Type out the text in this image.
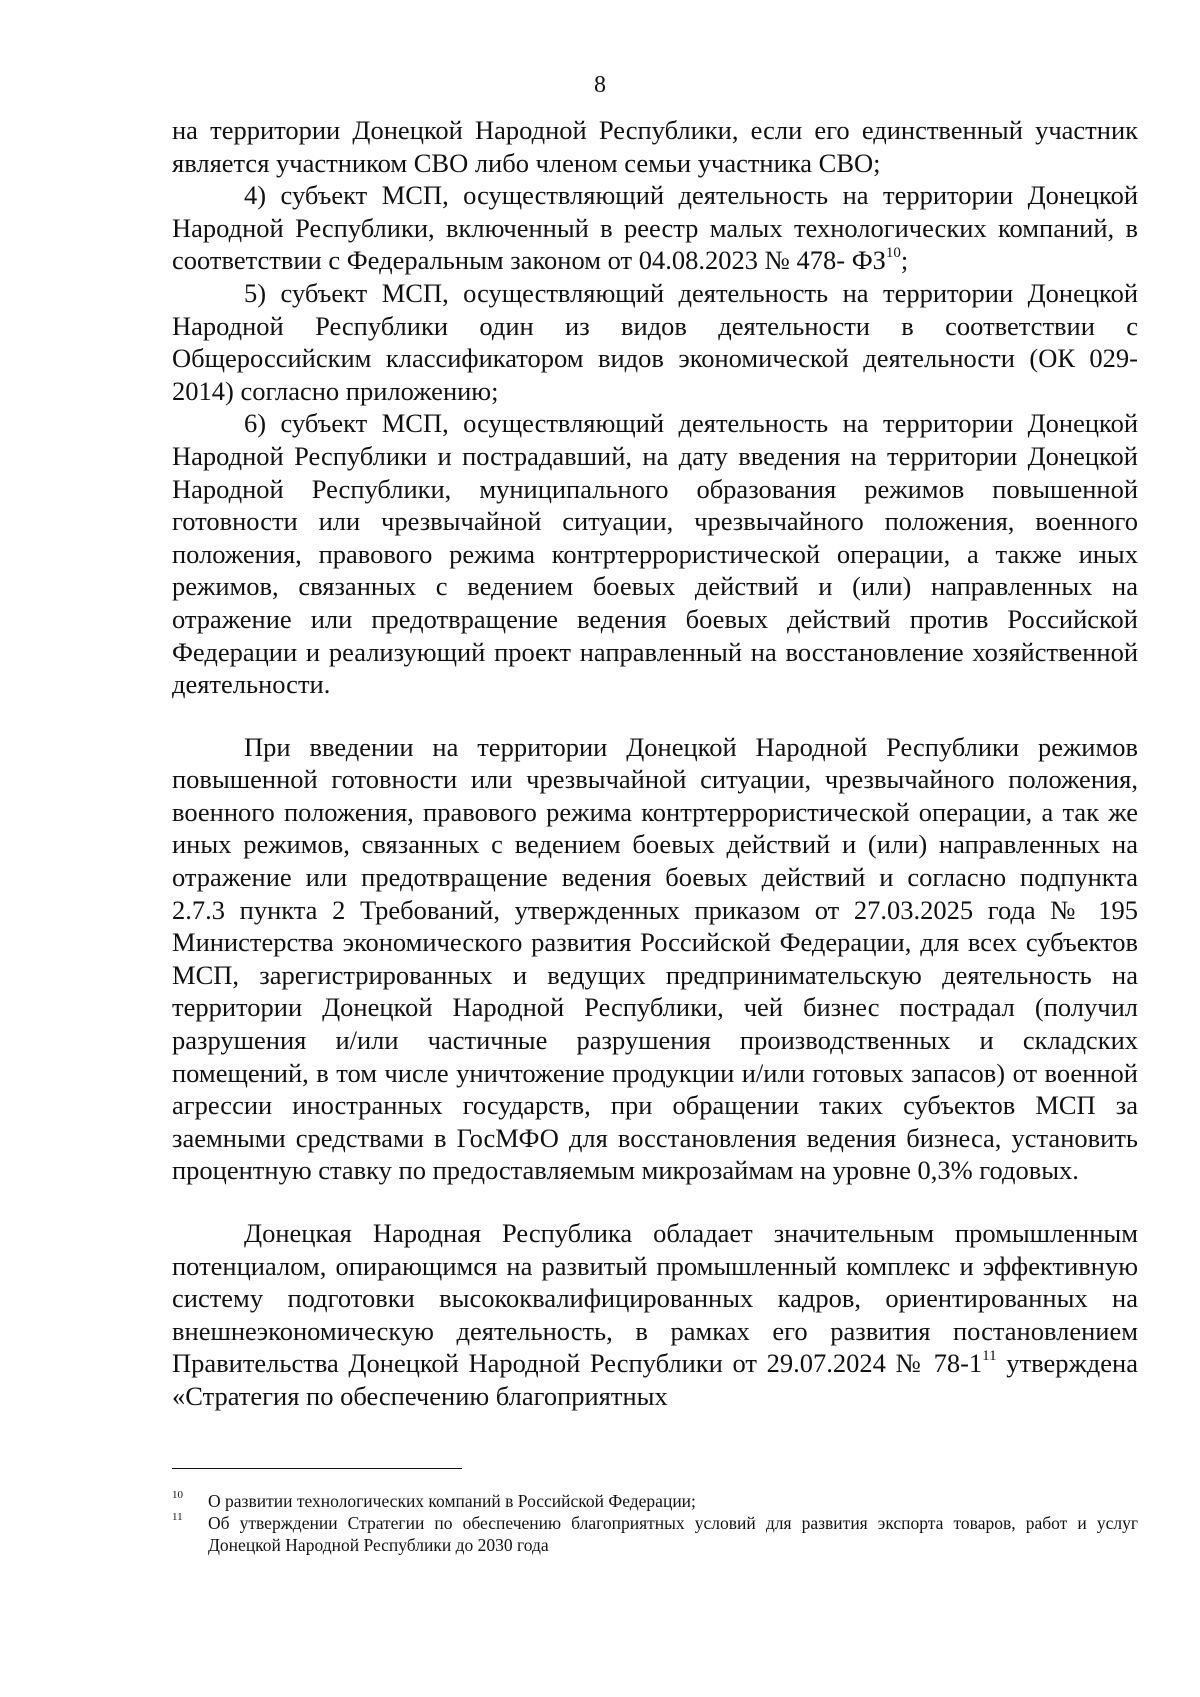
8

на территории Донецкой Народной Республики, если его единственный участник является участником СВО либо членом семьи участника СВО;

4) субъект МСП, осуществляющий деятельность на территории Донецкой Народной Республики, включенный в реестр малых технологических компаний, в соответствии с Федеральным законом от 04.08.2023 № 478- ФЗ$^{10}$;

5) субъект МСП, осуществляющий деятельность на территории Донецкой Народной Республики один из видов деятельности в соответствии с Общероссийским классификатором видов экономической деятельности (ОК 029-2014) согласно приложению;

6) субъект МСП, осуществляющий деятельность на территории Донецкой Народной Республики и пострадавший, на дату введения на территории Донецкой Народной Республики, муниципального образования режимов повышенной готовности или чрезвычайной ситуации, чрезвычайного положения, военного положения, правового режима контртеррористической операции, а также иных режимов, связанных с ведением боевых действий и (или) направленных на отражение или предотвращение ведения боевых действий против Российской Федерации и реализующий проект направленный на восстановление хозяйственной деятельности.

При введении на территории Донецкой Народной Республики режимов повышенной готовности или чрезвычайной ситуации, чрезвычайного положения, военного положения, правового режима контртеррористической операции, а так же иных режимов, связанных с ведением боевых действий и (или) направленных на отражение или предотвращение ведения боевых действий и согласно подпункта 2.7.3 пункта 2 Требований, утвержденных приказом от 27.03.2025 года № 195 Министерства экономического развития Российской Федерации, для всех субъектов МСП, зарегистрированных и ведущих предпринимательскую деятельность на территории Донецкой Народной Республики, чей бизнес пострадал (получил разрушения и/или частичные разрушения производственных и складских помещений, в том числе уничтожение продукции и/или готовых запасов) от военной агрессии иностранных государств, при обращении таких субъектов МСП за заемными средствами в ГосМФО для восстановления ведения бизнеса, установить процентную ставку по предоставляемым микрозаймам на уровне 0,3% годовых.

Донецкая Народная Республика обладает значительным промышленным потенциалом, опирающимся на развитый промышленный комплекс и эффективную систему подготовки высококвалифицированных кадров, ориентированных на внешнеэкономическую деятельность, в рамках его развития постановлением Правительства Донецкой Народной Республики от 29.07.2024 № $78-1^{11}$ утверждена «Стратегия по обеспечению благоприятных

10 О развитии технологических компаний в Российской Федерации;
11 Об утверждении Стратегии по обеспечению благоприятных условий для развития экспорта товаров, работ и услуг Донецкой Народной Республики до 2030 года
